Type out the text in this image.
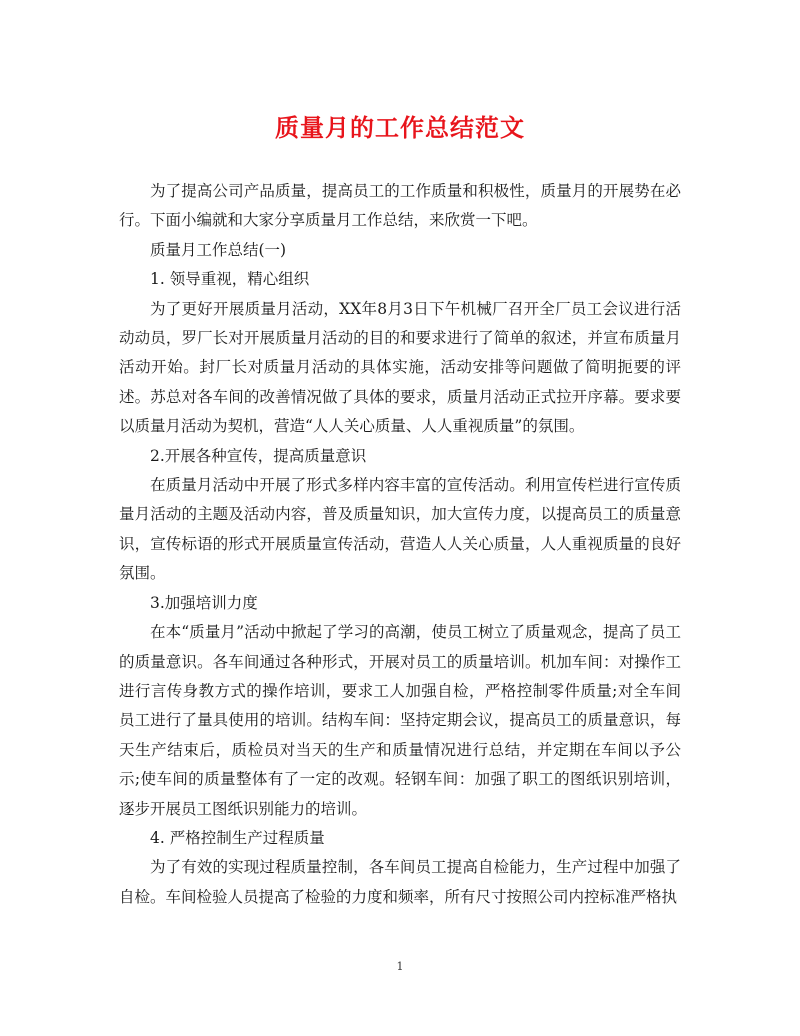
质量月的工作总结范文

为了提高公司产品质量，提高员工的工作质量和积极性，质量月的开展势在必行。下面小编就和大家分享质量月工作总结，来欣赏一下吧。

质量月工作总结(一)

1. 领导重视，精心组织

为了更好开展质量月活动，XX年8月3日下午机械厂召开全厂员工会议进行活动动员，罗厂长对开展质量月活动的目的和要求进行了简单的叙述，并宣布质量月活动开始。封厂长对质量月活动的具体实施，活动安排等问题做了简明扼要的评述。苏总对各车间的改善情况做了具体的要求，质量月活动正式拉开序幕。要求要以质量月活动为契机，营造“人人关心质量、人人重视质量”的氛围。

2.开展各种宣传，提高质量意识

在质量月活动中开展了形式多样内容丰富的宣传活动。利用宣传栏进行宣传质量月活动的主题及活动内容，普及质量知识，加大宣传力度，以提高员工的质量意识，宣传标语的形式开展质量宣传活动，营造人人关心质量，人人重视质量的良好氛围。

3.加强培训力度

在本“质量月”活动中掀起了学习的高潮，使员工树立了质量观念，提高了员工的质量意识。各车间通过各种形式，开展对员工的质量培训。机加车间：对操作工进行言传身教方式的操作培训，要求工人加强自检，严格控制零件质量;对全车间员工进行了量具使用的培训。结构车间：坚持定期会议，提高员工的质量意识，每天生产结束后，质检员对当天的生产和质量情况进行总结，并定期在车间以予公示;使车间的质量整体有了一定的改观。轻钢车间：加强了职工的图纸识别培训，逐步开展员工图纸识别能力的培训。

4. 严格控制生产过程质量

为了有效的实现过程质量控制，各车间员工提高自检能力，生产过程中加强了自检。车间检验人员提高了检验的力度和频率，所有尺寸按照公司内控标准严格执

1
